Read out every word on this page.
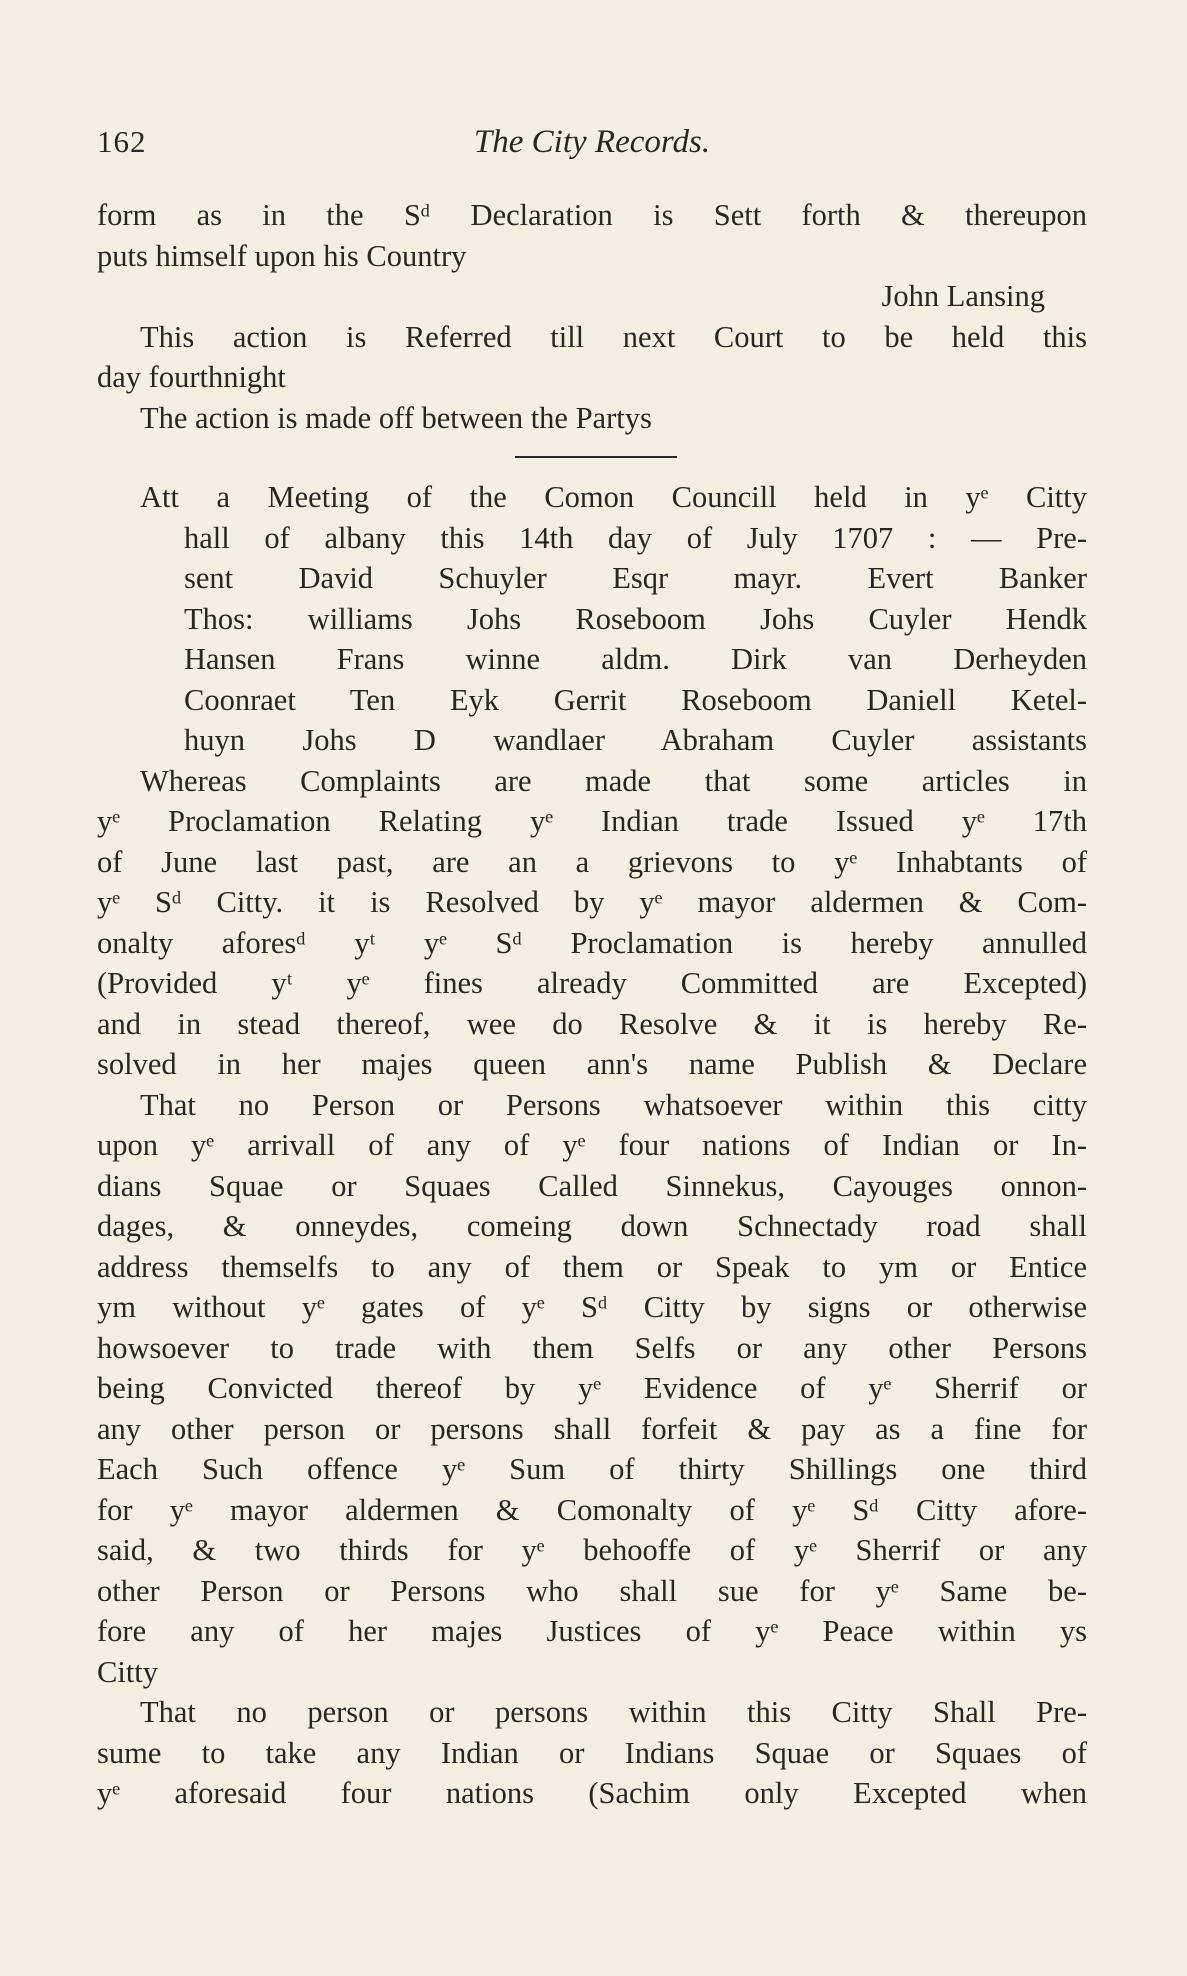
162	The City Records.
form as in the Sᵈ Declaration is Sett forth & thereupon
puts himself upon his Country
John Lansing
This action is Referred till next Court to be held this
day fourthnight
The action is made off between the Partys
Att a Meeting of the Comon Councill held in yᵉ Citty
hall of albany this 14th day of July 1707 : — Pre-
sent David Schuyler Esqr mayr. Evert Banker
Thos: williams Johs Roseboom Johs Cuyler Hendk
Hansen Frans winne aldm. Dirk van Derheyden
Coonraet Ten Eyk Gerrit Roseboom Daniell Ketel-
huyn Johs D wandlaer Abraham Cuyler assistants
Whereas Complaints are made that some articles in
yᵉ Proclamation Relating yᵉ Indian trade Issued yᵉ 17th
of June last past, are an a grievons to yᵉ Inhabtants of
yᵉ Sᵈ Citty. it is Resolved by yᵉ mayor aldermen & Com-
onalty aforesᵈ yᵗ yᵉ Sᵈ Proclamation is hereby annulled
(Provided yᵗ yᵉ fines already Committed are Excepted)
and in stead thereof, wee do Resolve & it is hereby Re-
solved in her majes queen ann's name Publish & Declare
That no Person or Persons whatsoever within this citty
upon yᵉ arrivall of any of yᵉ four nations of Indian or In-
dians Squae or Squaes Called Sinnekus, Cayouges onnon-
dages, & onneydes, comeing down Schnectady road shall
address themselfs to any of them or Speak to ym or Entice
ym without yᵉ gates of yᵉ Sᵈ Citty by signs or otherwise
howsoever to trade with them Selfs or any other Persons
being Convicted thereof by yᵉ Evidence of yᵉ Sherrif or
any other person or persons shall forfeit & pay as a fine for
Each Such offence yᵉ Sum of thirty Shillings one third
for yᵉ mayor aldermen & Comonalty of yᵉ Sᵈ Citty afore-
said, & two thirds for yᵉ behooffe of yᵉ Sherrif or any
other Person or Persons who shall sue for yᵉ Same be-
fore any of her majes Justices of yᵉ Peace within ys
Citty
That no person or persons within this Citty Shall Pre-
sume to take any Indian or Indians Squae or Squaes of
yᵉ aforesaid four nations (Sachim only Excepted when
